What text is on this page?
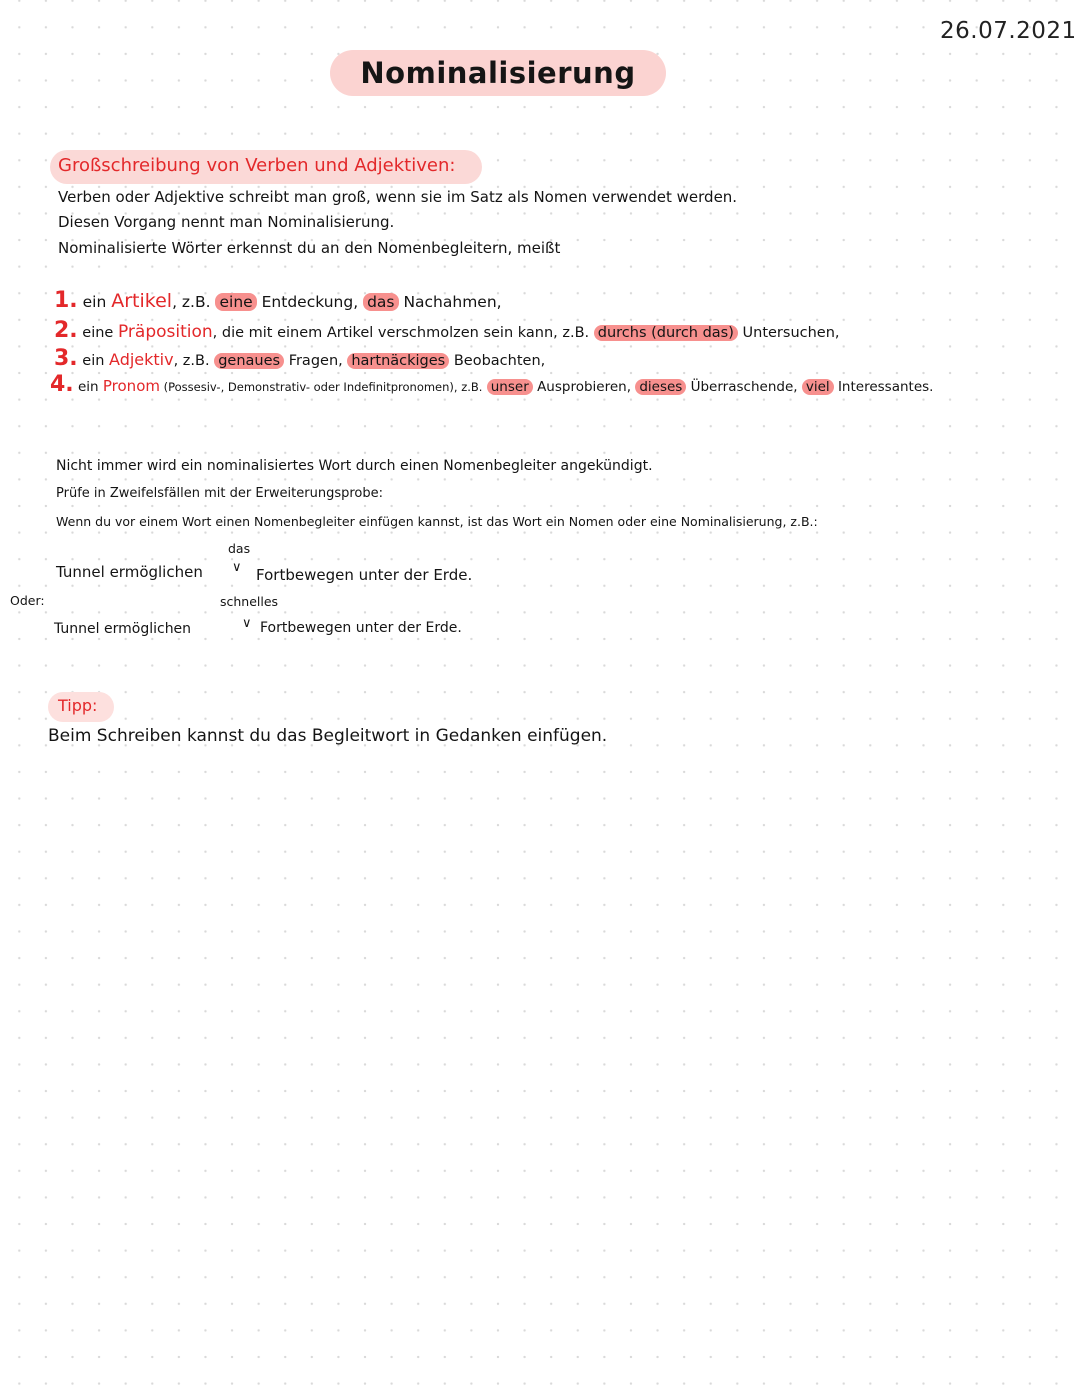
26.07.2021
Nominalisierung
Großschreibung von Verben und Adjektiven:
Verben oder Adjektive schreibt man groß, wenn sie im Satz als Nomen verwendet werden.
Diesen Vorgang nennt man Nominalisierung.
Nominalisierte Wörter erkennst du an den Nomenbegleitern, meißt
1. ein Artikel, z.B. eine Entdeckung, das Nachahmen,
2. eine Präposition, die mit einem Artikel verschmolzen sein kann, z.B. durchs (durch das) Untersuchen,
3. ein Adjektiv, z.B. genaues Fragen, hartnäckiges Beobachten,
4. ein Pronom (Possesiv-, Demonstrativ- oder Indefinitpronomen), z.B. unser Ausprobieren, dieses Überraschende, viel Interessantes.
Nicht immer wird ein nominalisiertes Wort durch einen Nomenbegleiter angekündigt.
Prüfe in Zweifelsfällen mit der Erweiterungsprobe:
Wenn du vor einem Wort einen Nomenbegleiter einfügen kannst, ist das Wort ein Nomen oder eine Nominalisierung, z.B.:
das
Tunnel ermöglichen ∨ Fortbewegen unter der Erde.
Oder:	schnelles
Tunnel ermöglichen	∨ Fortbewegen unter der Erde.
Tipp:
Beim Schreiben kannst du das Begleitwort in Gedanken einfügen.
